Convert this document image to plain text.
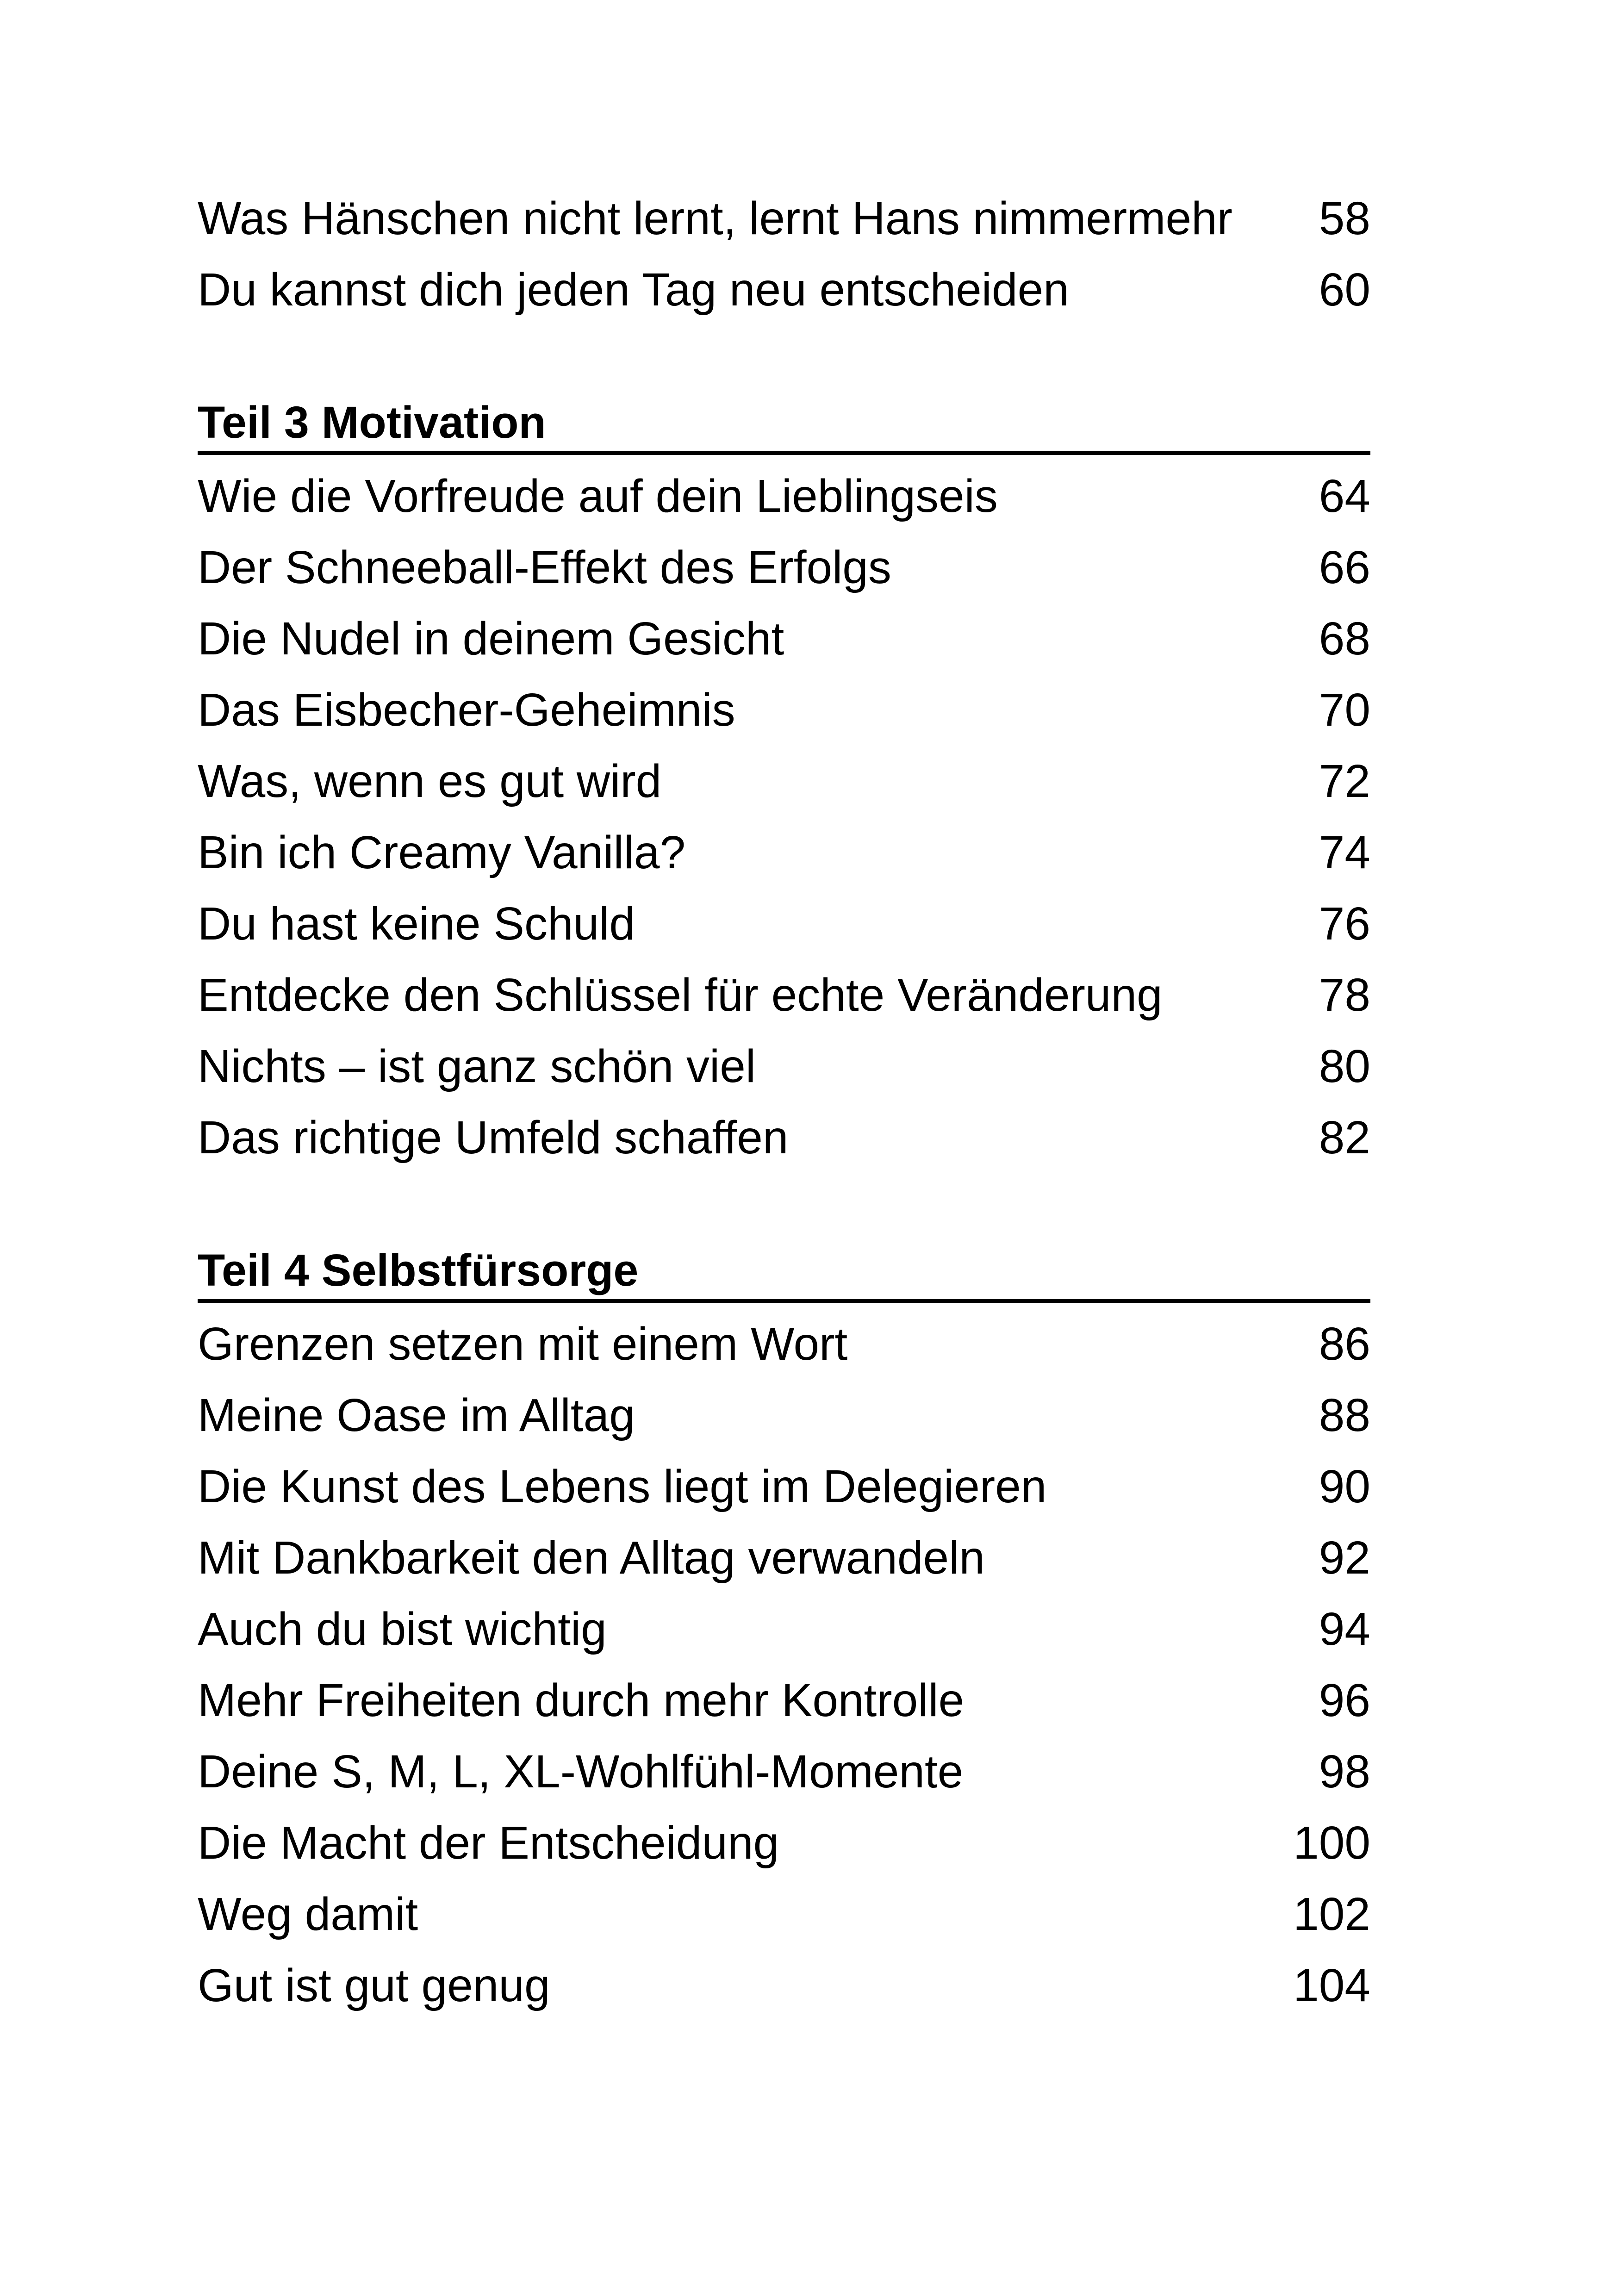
Was Hänschen nicht lernt, lernt Hans nimmermehr	58
Du kannst dich jeden Tag neu entscheiden	60
Teil 3 Motivation
Wie die Vorfreude auf dein Lieblingseis	64
Der Schneeball-Effekt des Erfolgs	66
Die Nudel in deinem Gesicht	68
Das Eisbecher-Geheimnis	70
Was, wenn es gut wird	72
Bin ich Creamy Vanilla?	74
Du hast keine Schuld	76
Entdecke den Schlüssel für echte Veränderung	78
Nichts – ist ganz schön viel	80
Das richtige Umfeld schaffen	82
Teil 4 Selbstfürsorge
Grenzen setzen mit einem Wort	86
Meine Oase im Alltag	88
Die Kunst des Lebens liegt im Delegieren	90
Mit Dankbarkeit den Alltag verwandeln	92
Auch du bist wichtig	94
Mehr Freiheiten durch mehr Kontrolle	96
Deine S, M, L, XL-Wohlfühl-Momente	98
Die Macht der Entscheidung	100
Weg damit	102
Gut ist gut genug	104
